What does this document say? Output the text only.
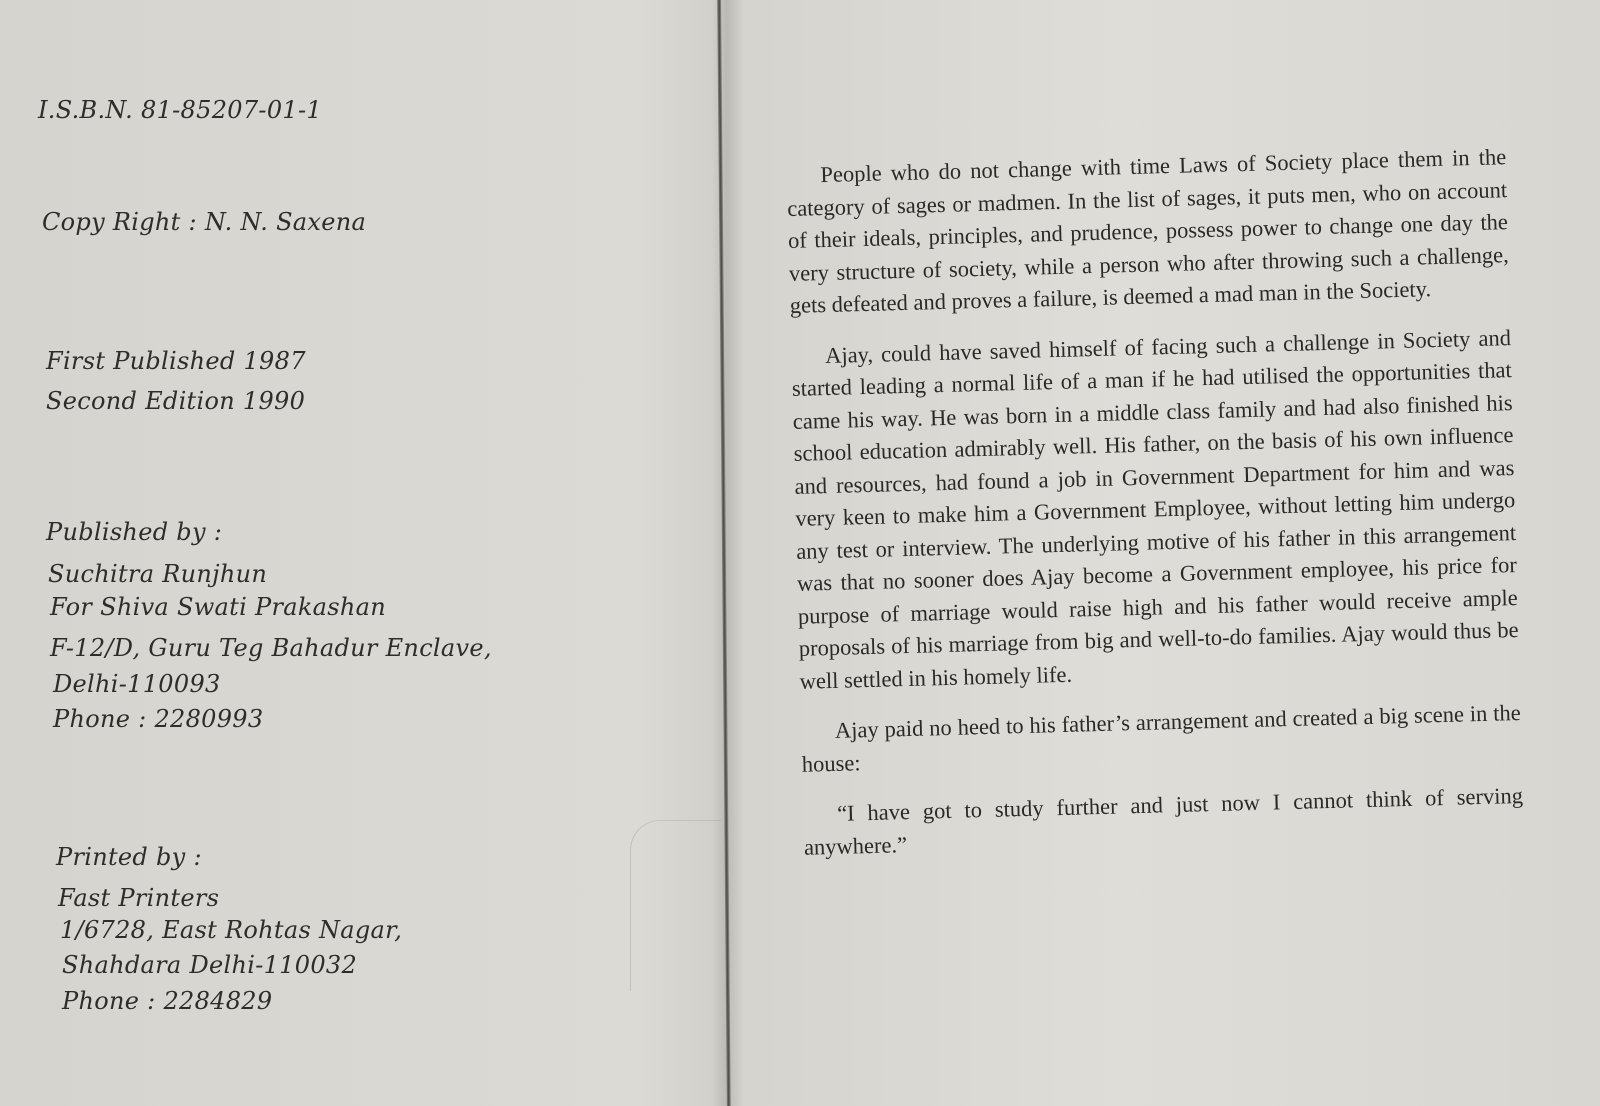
I.S.B.N. 81-85207-01-1

Copy Right : N. N. Saxena

First Published 1987

Second Edition 1990

Published by :

Suchitra Runjhun

For Shiva Swati Prakashan

F-12/D, Guru Teg Bahadur Enclave,

Delhi-110093

Phone : 2280993

Printed by :

Fast Printers

1/6728, East Rohtas Nagar,

Shahdara Delhi-110032

Phone : 2284829

People who do not change with time Laws of Society place them in the category of sages or madmen. In the list of sages, it puts men, who on account of their ideals, principles, and prudence, possess power to change one day the very structure of society, while a person who after throwing such a challenge, gets defeated and proves a failure, is deemed a mad man in the Society.

Ajay, could have saved himself of facing such a challenge in Society and started leading a normal life of a man if he had utilised the opportunities that came his way. He was born in a middle class family and had also finished his school education admirably well. His father, on the basis of his own influence and resources, had found a job in Government Department for him and was very keen to make him a Government Employee, without letting him undergo any test or interview. The underlying motive of his father in this arrangement was that no sooner does Ajay become a Government employee, his price for purpose of marriage would raise high and his father would receive ample proposals of his marriage from big and well-to-do families. Ajay would thus be well settled in his homely life.

Ajay paid no heed to his father’s arrangement and created a big scene in the house:

“I have got to study further and just now I cannot think of serving anywhere.”
